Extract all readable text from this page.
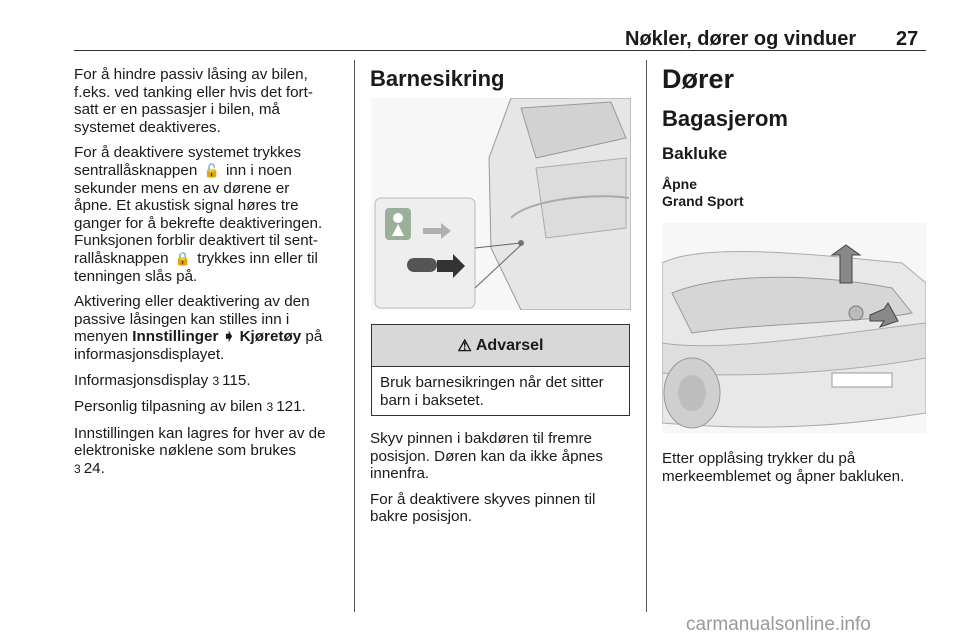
Nøkler, dører og vinduer 27

For å hindre passiv låsing av bilen,
f.eks. ved tanking eller hvis det fort-
satt er en passasjer i bilen, må
systemet deaktiveres.

For å deaktivere systemet trykkes
sentrallåsknappen 🔓 inn i noen
sekunder mens en av dørene er
åpne. Et akustisk signal høres tre
ganger for å bekrefte deaktiveringen.
Funksjonen forblir deaktivert til sent-
rallåsknappen 🔒 trykkes inn eller til
tenningen slås på.

Aktivering eller deaktivering av den
passive låsingen kan stilles inn i
menyen Innstillinger ➧ Kjøretøy på
informasjonsdisplayet.

Informasjonsdisplay 3 115.

Personlig tilpasning av bilen 3 121.

Innstillingen kan lagres for hver av de
elektroniske nøklene som brukes
3 24.

Barnesikring
⚠ Advarsel
Bruk barnesikringen når det sitter
barn i baksetet.

Skyv pinnen i bakdøren til fremre
posisjon. Døren kan da ikke åpnes
innenfra.

For å deaktivere skyves pinnen til
bakre posisjon.

Dører
Bagasjerom
Bakluke
Åpne
Grand Sport

Etter opplåsing trykker du på
merkeemblemet og åpner bakluken.

carmanualsonline.info
